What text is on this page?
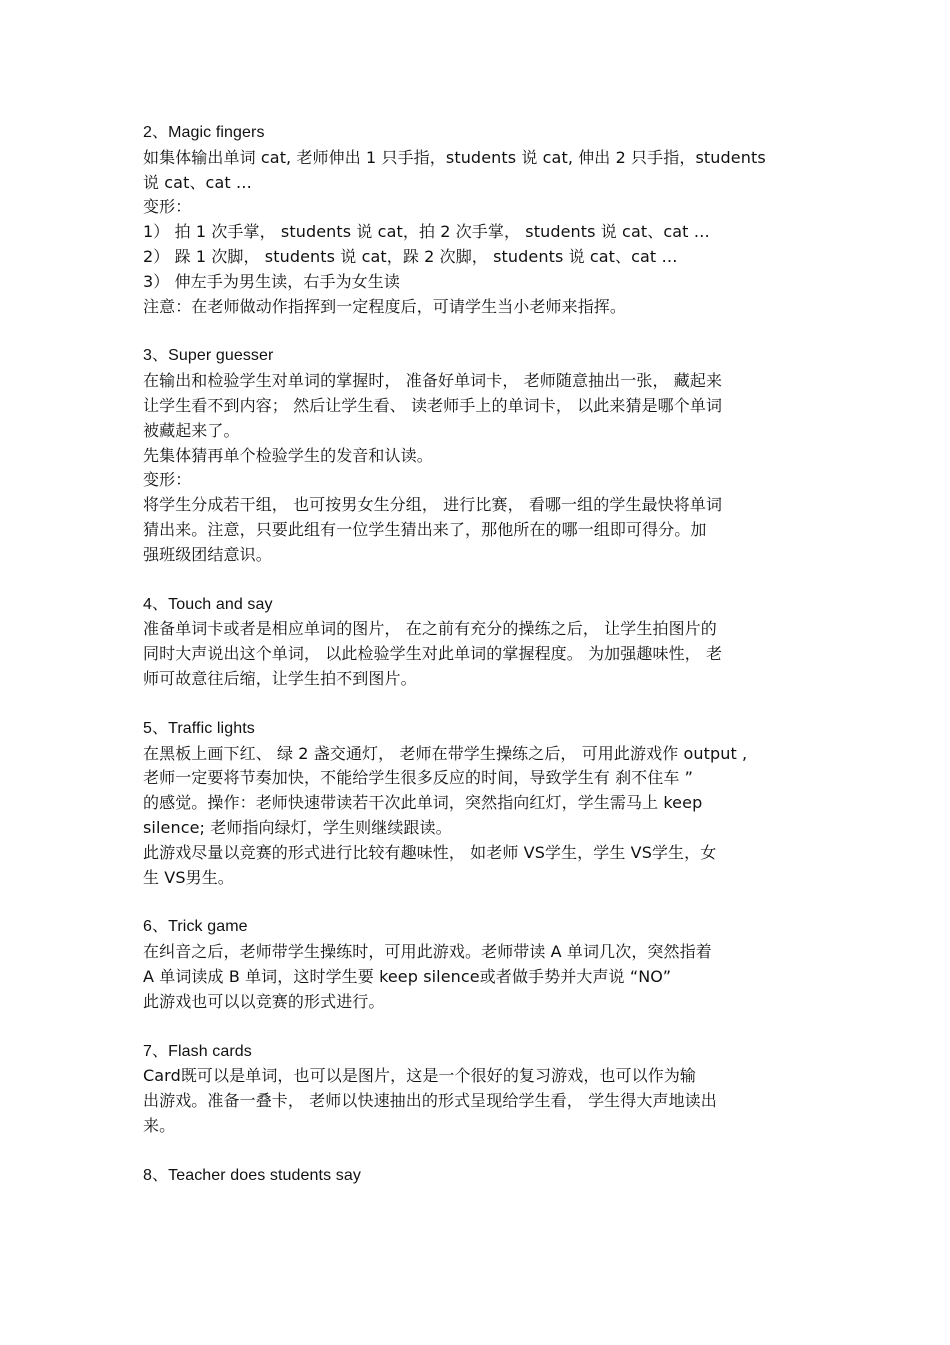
2、Magic fingers

如集体输出单词 cat, 老师伸出 1 只手指，students 说 cat, 伸出 2 只手指，students

说 cat、cat …

变形：

1） 拍 1 次手掌， students 说 cat，拍 2 次手掌， students 说 cat、cat …

2） 跺 1 次脚， students 说 cat，跺 2 次脚， students 说 cat、cat …

3） 伸左手为男生读，右手为女生读

注意：在老师做动作指挥到一定程度后，可请学生当小老师来指挥。

3、Super guesser

在输出和检验学生对单词的掌握时， 准备好单词卡， 老师随意抽出一张， 藏起来

让学生看不到内容； 然后让学生看、 读老师手上的单词卡， 以此来猜是哪个单词

被藏起来了。

先集体猜再单个检验学生的发音和认读。

变形：

将学生分成若干组， 也可按男女生分组， 进行比赛， 看哪一组的学生最快将单词

猜出来。注意，只要此组有一位学生猜出来了，那他所在的哪一组即可得分。加

强班级团结意识。

4、Touch and say

准备单词卡或者是相应单词的图片， 在之前有充分的操练之后， 让学生拍图片的

同时大声说出这个单词， 以此检验学生对此单词的掌握程度。 为加强趣味性， 老

师可故意往后缩，让学生拍不到图片。

5、Traffic lights

在黑板上画下红、 绿 2 盏交通灯， 老师在带学生操练之后， 可用此游戏作 output ,

老师一定要将节奏加快，不能给学生很多反应的时间，导致学生有 刹不住车 ”

的感觉。操作：老师快速带读若干次此单词，突然指向红灯，学生需马上 keep

silence; 老师指向绿灯，学生则继续跟读。

此游戏尽量以竞赛的形式进行比较有趣味性， 如老师 VS学生，学生 VS学生，女

生 VS男生。

6、Trick game

在纠音之后，老师带学生操练时，可用此游戏。老师带读 A 单词几次，突然指着

A 单词读成 B 单词，这时学生要 keep silence或者做手势并大声说 “NO”

此游戏也可以以竞赛的形式进行。

7、Flash cards

Card既可以是单词，也可以是图片，这是一个很好的复习游戏，也可以作为输

出游戏。准备一叠卡， 老师以快速抽出的形式呈现给学生看， 学生得大声地读出

来。

8、Teacher does students say
